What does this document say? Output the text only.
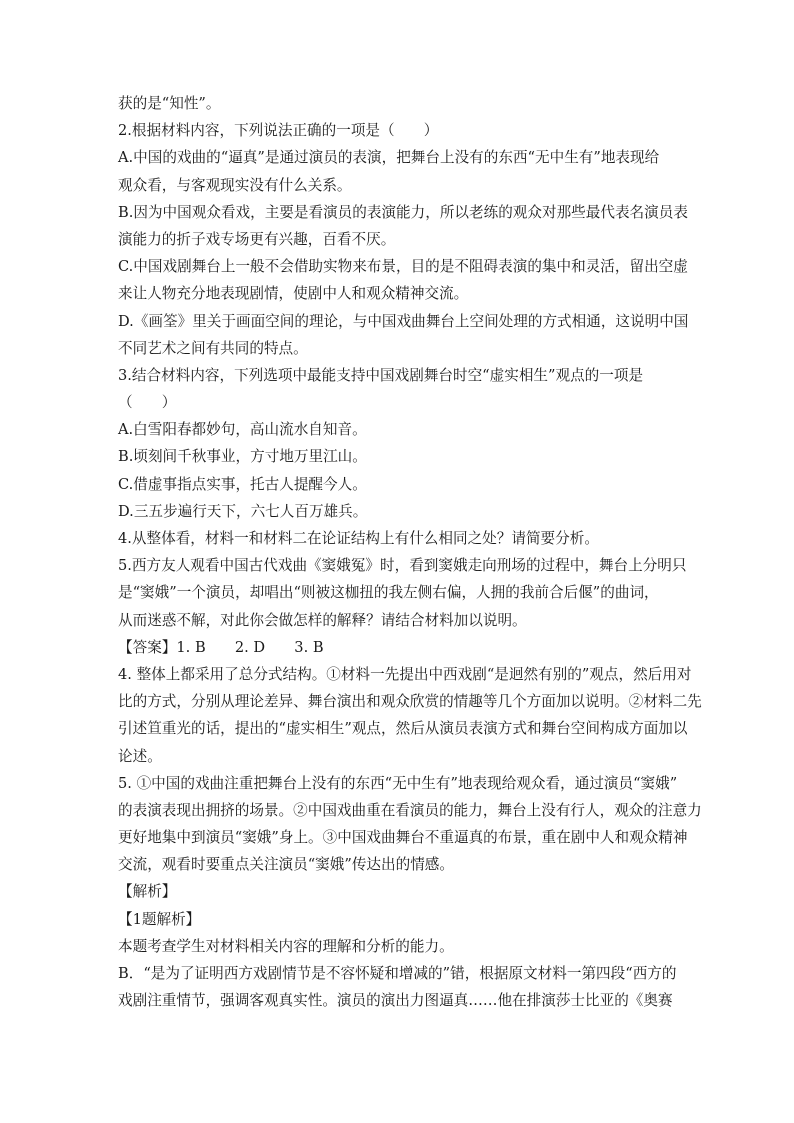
获的是“知性”。
2.根据材料内容，下列说法正确的一项是（　　）
A.中国的戏曲的“逼真”是通过演员的表演，把舞台上没有的东西“无中生有”地表现给
观众看，与客观现实没有什么关系。
B.因为中国观众看戏，主要是看演员的表演能力，所以老练的观众对那些最代表名演员表
演能力的折子戏专场更有兴趣，百看不厌。
C.中国戏剧舞台上一般不会借助实物来布景，目的是不阻碍表演的集中和灵活，留出空虚
来让人物充分地表现剧情，使剧中人和观众精神交流。
D.《画筌》里关于画面空间的理论，与中国戏曲舞台上空间处理的方式相通，这说明中国
不同艺术之间有共同的特点。
3.结合材料内容，下列选项中最能支持中国戏剧舞台时空“虚实相生”观点的一项是
（　　）
A.白雪阳春都妙句，高山流水自知音。
B.顷刻间千秋事业，方寸地万里江山。
C.借虚事指点实事，托古人提醒今人。
D.三五步遍行天下，六七人百万雄兵。
4.从整体看，材料一和材料二在论证结构上有什么相同之处？请简要分析。
5.西方友人观看中国古代戏曲《窦娥冤》时，看到窦娥走向刑场的过程中，舞台上分明只
是“窦娥”一个演员，却唱出“则被这枷扭的我左侧右偏，人拥的我前合后偃”的曲词，
从而迷惑不解，对此你会做怎样的解释？请结合材料加以说明。
【答案】1. B　　2. D　　3. B
4. 整体上都采用了总分式结构。①材料一先提出中西戏剧“是迥然有别的”观点，然后用对
比的方式，分别从理论差异、舞台演出和观众欣赏的情趣等几个方面加以说明。②材料二先
引述笪重光的话，提出的“虚实相生”观点，然后从演员表演方式和舞台空间构成方面加以
论述。
5. ①中国的戏曲注重把舞台上没有的东西“无中生有”地表现给观众看，通过演员“窦娥”
的表演表现出拥挤的场景。②中国戏曲重在看演员的能力，舞台上没有行人，观众的注意力
更好地集中到演员“窦娥”身上。③中国戏曲舞台不重逼真的布景，重在剧中人和观众精神
交流，观看时要重点关注演员“窦娥”传达出的情感。
【解析】
【1题解析】
本题考查学生对材料相关内容的理解和分析的能力。
B．“是为了证明西方戏剧情节是不容怀疑和增减的”错，根据原文材料一第四段“西方的
戏剧注重情节，强调客观真实性。演员的演出力图逼真……他在排演莎士比亚的《奥赛
